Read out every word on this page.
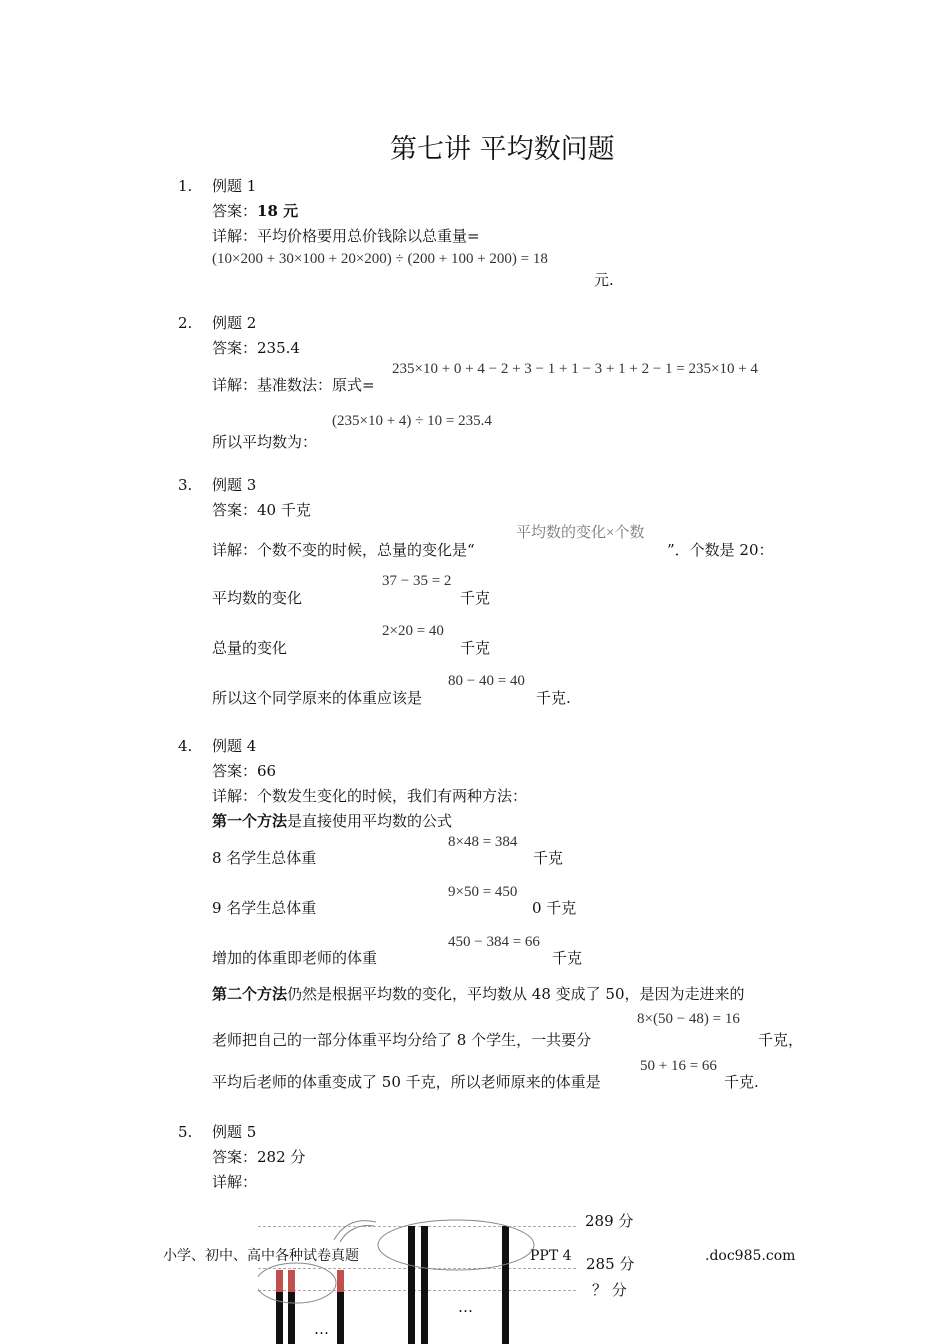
第七讲 平均数问题
1. 例题 1
答案：18 元
详解：平均价格要用总价钱除以总重量=
(10×200 + 30×100 + 20×200) ÷ (200 + 100 + 200) = 18
元.
2. 例题 2
答案：235.4
235×10 + 0 + 4 − 2 + 3 − 1 + 1 − 3 + 1 + 2 − 1 = 235×10 + 4
详解：基准数法：原式=
(235×10 + 4) ÷ 10 = 235.4
所以平均数为：
3. 例题 3
答案：40 千克
平均数的变化×个数
详解：个数不变的时候，总量的变化是“	”．个数是 20：
37 − 35 = 2
平均数的变化	千克
2×20 = 40
总量的变化	千克
80 − 40 = 40
所以这个同学原来的体重应该是	千克.
4. 例题 4
答案：66
详解：个数发生变化的时候，我们有两种方法：
第一个方法是直接使用平均数的公式
8×48 = 384
8 名学生总体重	千克
9×50 = 450
9 名学生总体重	0 千克
450 − 384 = 66
增加的体重即老师的体重	千克
第二个方法仍然是根据平均数的变化，平均数从 48 变成了 50，是因为走进来的
8×(50 − 48) = 16
老师把自己的一部分体重平均分给了 8 个学生，一共要分	千克，
50 + 16 = 66
平均后老师的体重变成了 50 千克，所以老师原来的体重是	千克.
5. 例题 5
答案：282 分
详解：
289 分
285 分
？ 分
…
…
小学、初中、高中各种试卷真题	PPT 4	.doc985.com
